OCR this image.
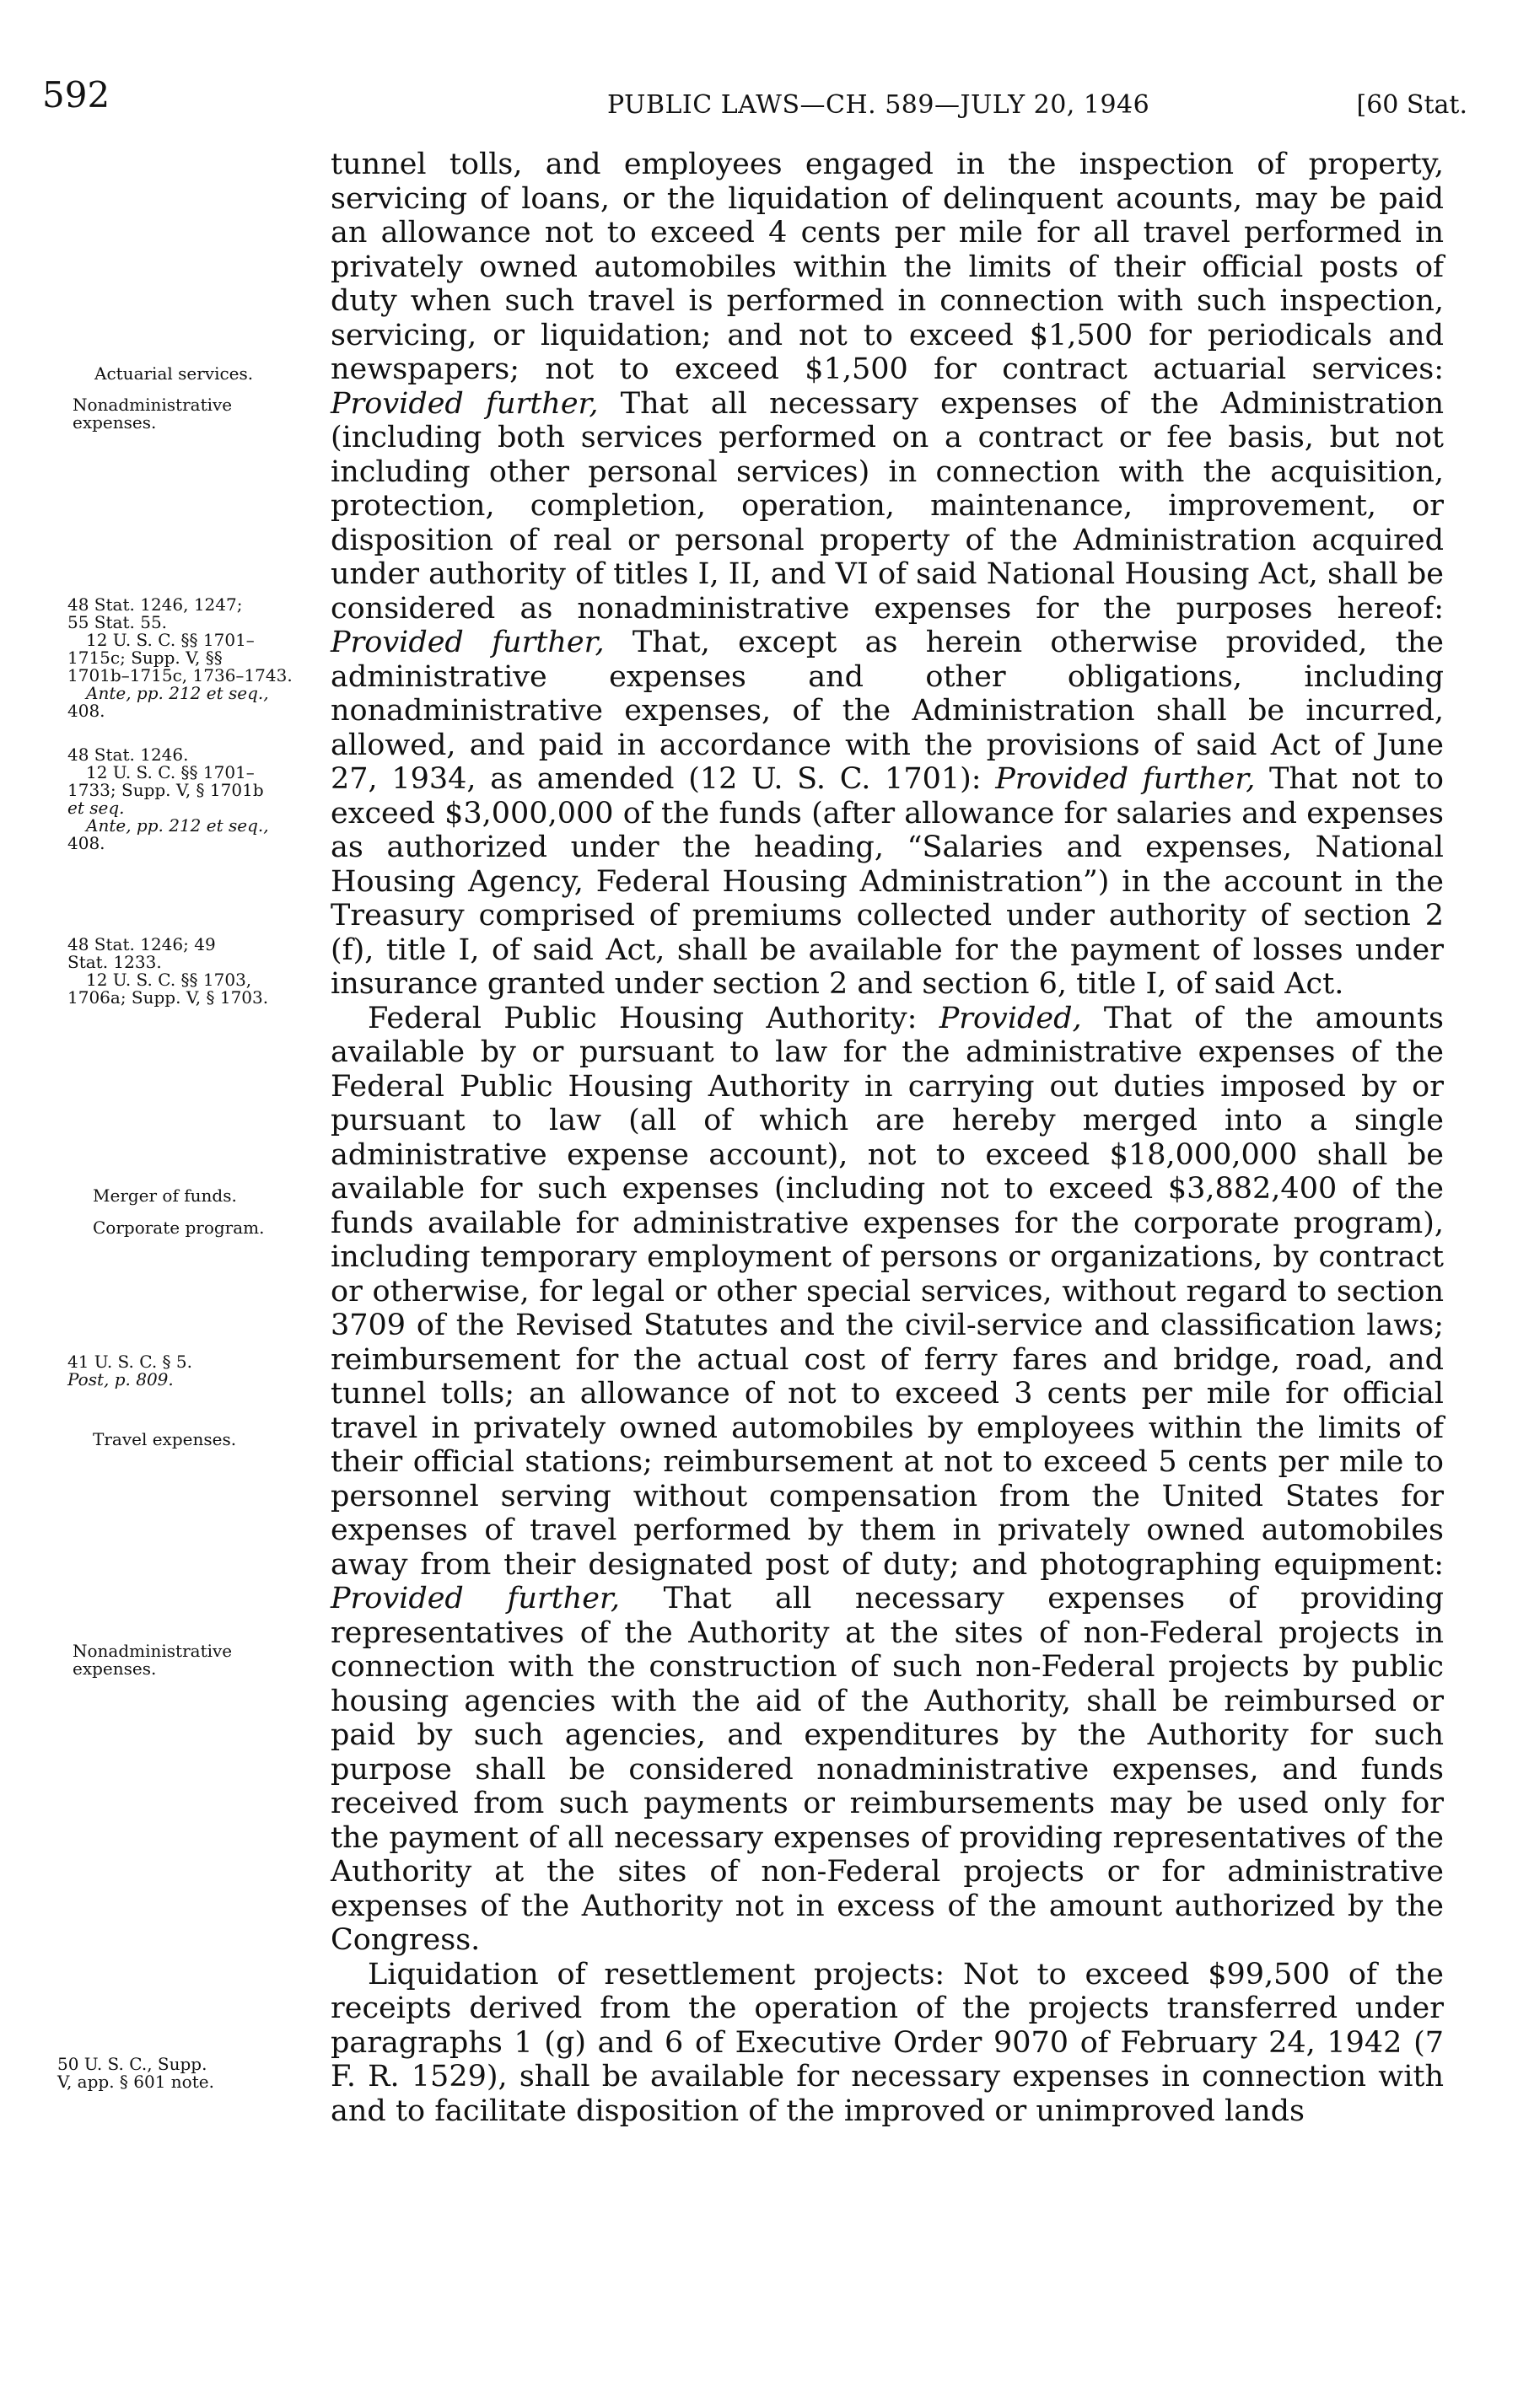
592	PUBLIC LAWS—CH. 589—JULY 20, 1946	[60 Stat.
Actuarial services.
Nonadministrative
expenses.
48 Stat. 1246, 1247;
55 Stat. 55.
12 U. S. C. §§ 1701–
1715c; Supp. V, §§
1701b–1715c, 1736–1743.
Ante, pp. 212 et seq.,
408.
48 Stat. 1246.
12 U. S. C. §§ 1701–
1733; Supp. V, § 1701b
et seq.
Ante, pp. 212 et seq.,
408.
48 Stat. 1246; 49
Stat. 1233.
12 U. S. C. §§ 1703,
1706a; Supp. V, § 1703.
Merger of funds.
Corporate program.
41 U. S. C. § 5.
Post, p. 809.
Travel expenses.
Nonadministrative
expenses.
50 U. S. C., Supp.
V, app. § 601 note.

tunnel tolls, and employees engaged in the inspection of property, servicing of loans, or the liquidation of delinquent acounts, may be paid an allowance not to exceed 4 cents per mile for all travel performed in privately owned automobiles within the limits of their official posts of duty when such travel is performed in connection with such inspection, servicing, or liquidation; and not to exceed $1,500 for periodicals and newspapers; not to exceed $1,500 for contract actuarial services: Provided further, That all necessary expenses of the Administration (including both services performed on a contract or fee basis, but not including other personal services) in connection with the acquisition, protection, completion, operation, maintenance, improvement, or disposition of real or personal property of the Administration acquired under authority of titles I, II, and VI of said National Housing Act, shall be considered as nonadministrative expenses for the purposes hereof: Provided further, That, except as herein otherwise provided, the administrative expenses and other obligations, including nonadministrative expenses, of the Administration shall be incurred, allowed, and paid in accordance with the provisions of said Act of June 27, 1934, as amended (12 U. S. C. 1701): Provided further, That not to exceed $3,000,000 of the funds (after allowance for salaries and expenses as authorized under the heading, “Salaries and expenses, National Housing Agency, Federal Housing Administration”) in the account in the Treasury comprised of premiums collected under authority of section 2 (f), title I, of said Act, shall be available for the payment of losses under insurance granted under section 2 and section 6, title I, of said Act.

Federal Public Housing Authority: Provided, That of the amounts available by or pursuant to law for the administrative expenses of the Federal Public Housing Authority in carrying out duties imposed by or pursuant to law (all of which are hereby merged into a single administrative expense account), not to exceed $18,000,000 shall be available for such expenses (including not to exceed $3,882,400 of the funds available for administrative expenses for the corporate program), including temporary employment of persons or organizations, by contract or otherwise, for legal or other special services, without regard to section 3709 of the Revised Statutes and the civil-service and classification laws; reimbursement for the actual cost of ferry fares and bridge, road, and tunnel tolls; an allowance of not to exceed 3 cents per mile for official travel in privately owned automobiles by employees within the limits of their official stations; reimbursement at not to exceed 5 cents per mile to personnel serving without compensation from the United States for expenses of travel performed by them in privately owned automobiles away from their designated post of duty; and photographing equipment: Provided further, That all necessary expenses of providing representatives of the Authority at the sites of non-Federal projects in connection with the construction of such non-Federal projects by public housing agencies with the aid of the Authority, shall be reimbursed or paid by such agencies, and expenditures by the Authority for such purpose shall be considered nonadministrative expenses, and funds received from such payments or reimbursements may be used only for the payment of all necessary expenses of providing representatives of the Authority at the sites of non-Federal projects or for administrative expenses of the Authority not in excess of the amount authorized by the Congress.

Liquidation of resettlement projects: Not to exceed $99,500 of the receipts derived from the operation of the projects transferred under paragraphs 1 (g) and 6 of Executive Order 9070 of February 24, 1942 (7 F. R. 1529), shall be available for necessary expenses in connection with and to facilitate disposition of the improved or unimproved lands
